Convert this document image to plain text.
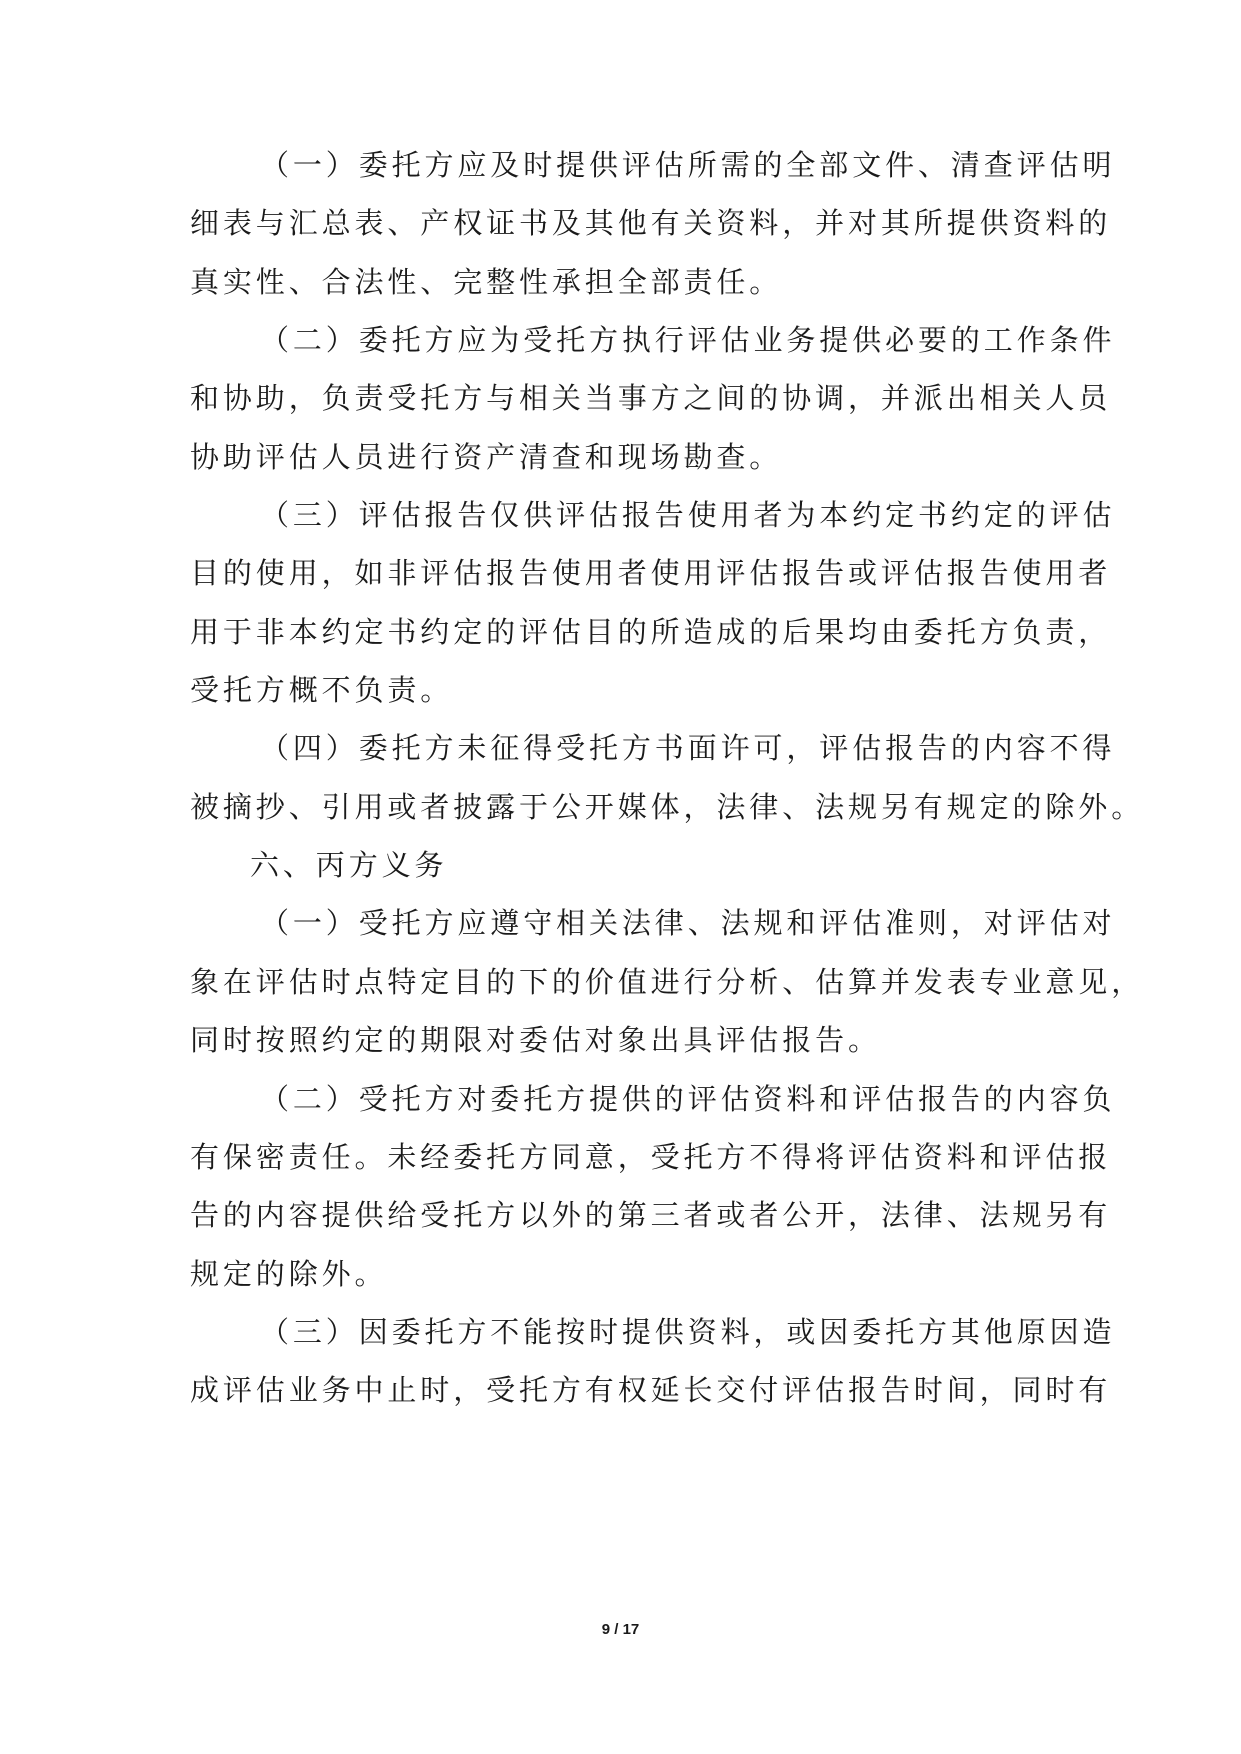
（一）委托方应及时提供评估所需的全部文件、清查评估明
细表与汇总表、产权证书及其他有关资料，并对其所提供资料的
真实性、合法性、完整性承担全部责任。
（二）委托方应为受托方执行评估业务提供必要的工作条件
和协助，负责受托方与相关当事方之间的协调，并派出相关人员
协助评估人员进行资产清查和现场勘查。
（三）评估报告仅供评估报告使用者为本约定书约定的评估
目的使用，如非评估报告使用者使用评估报告或评估报告使用者
用于非本约定书约定的评估目的所造成的后果均由委托方负责，
受托方概不负责。
（四）委托方未征得受托方书面许可，评估报告的内容不得
被摘抄、引用或者披露于公开媒体，法律、法规另有规定的除外。
六、丙方义务
（一）受托方应遵守相关法律、法规和评估准则，对评估对
象在评估时点特定目的下的价值进行分析、估算并发表专业意见，
同时按照约定的期限对委估对象出具评估报告。
（二）受托方对委托方提供的评估资料和评估报告的内容负
有保密责任。未经委托方同意，受托方不得将评估资料和评估报
告的内容提供给受托方以外的第三者或者公开，法律、法规另有
规定的除外。
（三）因委托方不能按时提供资料，或因委托方其他原因造
成评估业务中止时，受托方有权延长交付评估报告时间，同时有
9 / 17
